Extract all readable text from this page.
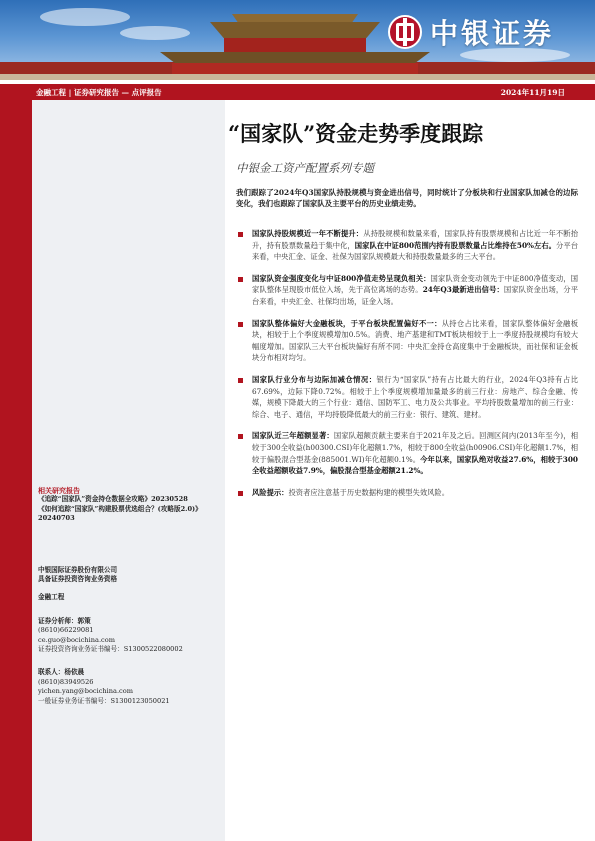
中银证券
金融工程 | 证券研究报告 — 点评报告	2024年11月19日
相关研究报告
《追踪“国家队”资金持仓数据全攻略》20230528
《如何追踪“国家队”构建股票优选组合？(攻略版2.0)》20240703
中银国际证券股份有限公司
具备证券投资咨询业务资格
金融工程
证券分析师：郭策
(8610)66229081
ce.guo@bocichina.com
证券投资咨询业务证书编号：S1300522080002
联系人：杨依晨
(8610)83949526
yichen.yang@bocichina.com
一般证券业务证书编号：S1300123050021
“国家队”资金走势季度跟踪
中银金工资产配置系列专题
我们跟踪了2024年Q3国家队持股规模与资金进出信号，同时统计了分板块和行业国家队加减仓的边际变化，我们也跟踪了国家队及主要平台的历史业绩走势。
国家队持股规模近一年不断提升：从持股规模和数量来看，国家队持有股票规模和占比近一年不断抬升，持有股票数量趋于集中化，国家队在中证800范围内持有股票数量占比维持在50%左右。分平台来看，中央汇金、证金、社保为国家队规模最大和持股数量最多的三大平台。
国家队资金强度变化与中证800净值走势呈现负相关：国家队资金变动领先于中证800净值变动，国家队整体呈现股市低位入场，先于高位离场的态势。24年Q3最新进出信号：国家队资金出场，分平台来看，中央汇金、社保均出场，证金入场。
国家队整体偏好大金融板块，于平台板块配置偏好不一：从持仓占比来看，国家队整体偏好金融板块，相较于上个季度规模增加0.5%。消费、地产基建和TMT板块相较于上一季度持股规模均有较大幅度增加。国家队三大平台板块偏好有所不同：中央汇金持仓高度集中于金融板块，而社保和证金板块分布相对均匀。
国家队行业分布与边际加减仓情况：银行为“国家队”持有占比最大的行业，2024年Q3持有占比67.69%，边际下降0.72%。相较于上个季度规模增加量最多的前三行业：房地产、综合金融、传媒，规模下降最大的三个行业：通信、国防军工、电力及公共事业。平均持股数量增加的前三行业：综合、电子、通信，平均持股降低最大的前三行业：银行、建筑、建材。
国家队近三年超额显著：国家队超额贡献主要来自于2021年及之后。回测区间内(2013年至今)，相较于300全收益(h00300.CSI)年化超额1.7%，相较于800全收益(h00906.CSI)年化超额1.7%，相较于偏股混合型基金(885001.WI)年化超额0.1%。今年以来，国家队绝对收益27.6%，相较于300全收益超额收益7.9%，偏股混合型基金超额21.2%。
风险提示：投资者应注意基于历史数据构建的模型失效风险。
